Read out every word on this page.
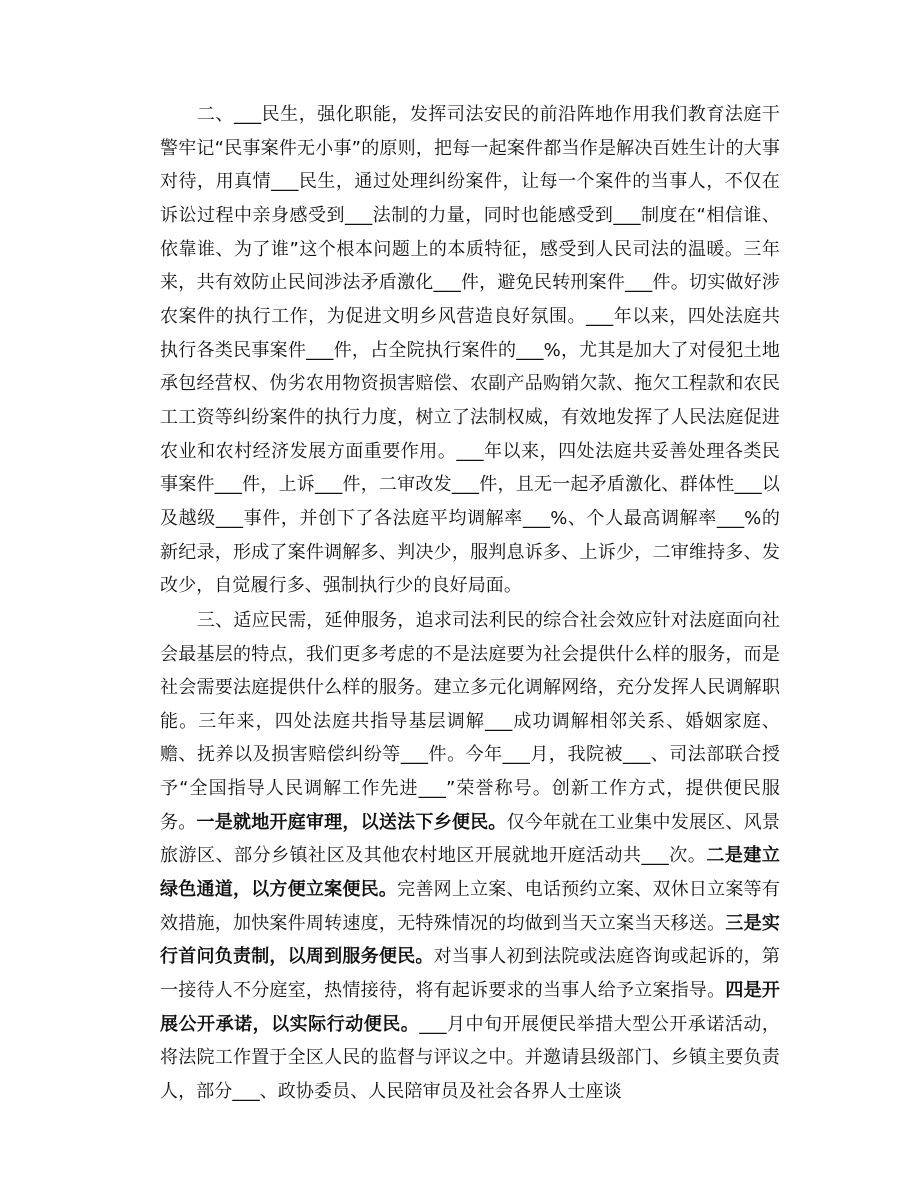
二、___民生，强化职能，发挥司法安民的前沿阵地作用我们教育法庭干警牢记“民事案件无小事”的原则，把每一起案件都当作是解决百姓生计的大事对待，用真情___民生，通过处理纠纷案件，让每一个案件的当事人，不仅在诉讼过程中亲身感受到___法制的力量，同时也能感受到___制度在“相信谁、依靠谁、为了谁”这个根本问题上的本质特征，感受到人民司法的温暖。三年来，共有效防止民间涉法矛盾激化___件，避免民转刑案件___件。切实做好涉农案件的执行工作，为促进文明乡风营造良好氛围。___年以来，四处法庭共执行各类民事案件___件，占全院执行案件的___%，尤其是加大了对侵犯土地承包经营权、伪劣农用物资损害赔偿、农副产品购销欠款、拖欠工程款和农民工工资等纠纷案件的执行力度，树立了法制权威，有效地发挥了人民法庭促进农业和农村经济发展方面重要作用。___年以来，四处法庭共妥善处理各类民事案件___件，上诉___件，二审改发___件，且无一起矛盾激化、群体性___以及越级___事件，并创下了各法庭平均调解率___%、个人最高调解率___%的新纪录，形成了案件调解多、判决少，服判息诉多、上诉少，二审维持多、发改少，自觉履行多、强制执行少的良好局面。

三、适应民需，延伸服务，追求司法利民的综合社会效应针对法庭面向社会最基层的特点，我们更多考虑的不是法庭要为社会提供什么样的服务，而是社会需要法庭提供什么样的服务。建立多元化调解网络，充分发挥人民调解职能。三年来，四处法庭共指导基层调解___成功调解相邻关系、婚姻家庭、赡、抚养以及损害赔偿纠纷等___件。今年___月，我院被___、司法部联合授予“全国指导人民调解工作先进___”荣誉称号。创新工作方式，提供便民服务。一是就地开庭审理，以送法下乡便民。仅今年就在工业集中发展区、风景旅游区、部分乡镇社区及其他农村地区开展就地开庭活动共___次。二是建立绿色通道，以方便立案便民。完善网上立案、电话预约立案、双休日立案等有效措施，加快案件周转速度，无特殊情况的均做到当天立案当天移送。三是实行首问负责制，以周到服务便民。对当事人初到法院或法庭咨询或起诉的，第一接待人不分庭室，热情接待，将有起诉要求的当事人给予立案指导。四是开展公开承诺，以实际行动便民。___月中旬开展便民举措大型公开承诺活动，将法院工作置于全区人民的监督与评议之中。并邀请县级部门、乡镇主要负责人，部分___、政协委员、人民陪审员及社会各界人士座谈
